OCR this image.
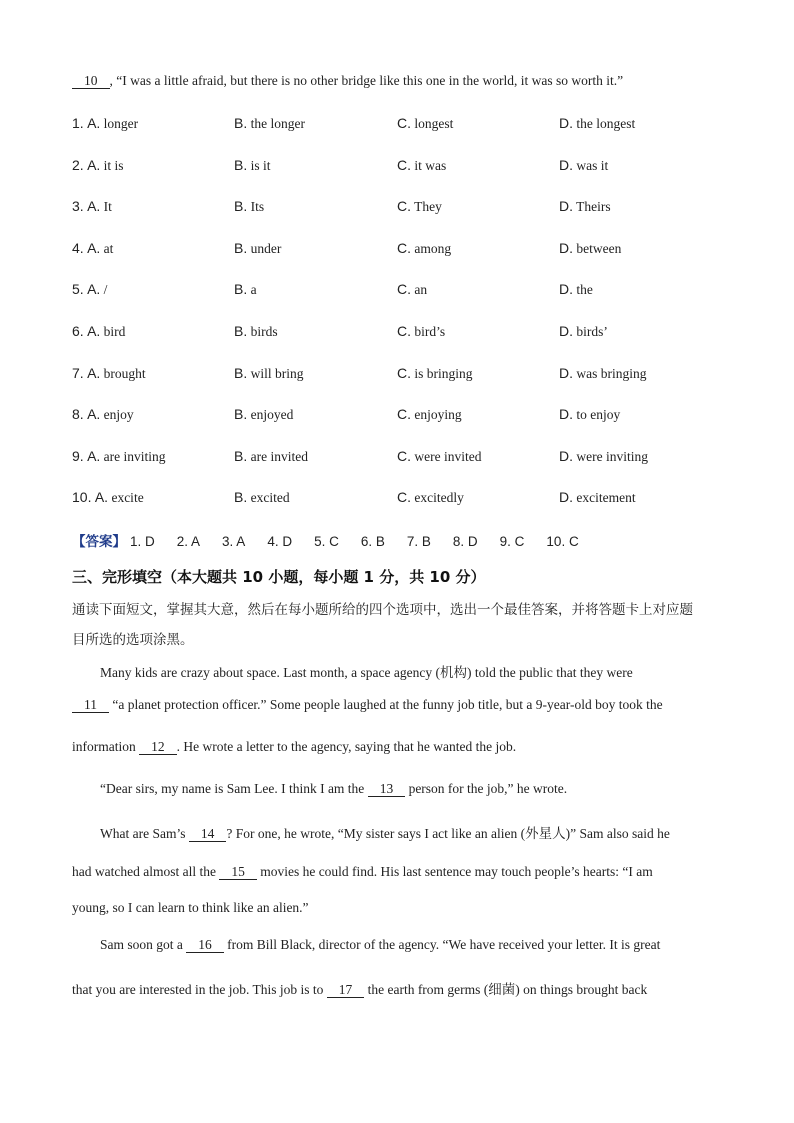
10 , “I was a little afraid, but there is no other bridge like this one in the world, it was so worth it.”
1. A. longer	B. the longer	C. longest	D. the longest
2. A. it is	B. is it	C. it was	D. was it
3. A. It	B. Its	C. They	D. Theirs
4. A. at	B. under	C. among	D. between
5. A. /	B. a	C. an	D. the
6. A. bird	B. birds	C. bird’s	D. birds’
7. A. brought	B. will bring	C. is bringing	D. was bringing
8. A. enjoy	B. enjoyed	C. enjoying	D. to enjoy
9. A. are inviting	B. are invited	C. were invited	D. were inviting
10. A. excite	B. excited	C. excitedly	D. excitement
【答案】 1. D 2. A 3. A 4. D 5. C 6. B 7. B 8. D 9. C 10. C
三、完形填空（本大题共 10 小题，每小题 1 分，共 10 分）
通读下面短文，掌握其大意，然后在每小题所给的四个选项中，选出一个最佳答案，并将答题卡上对应题
目所选的选项涂黑。
Many kids are crazy about space. Last month, a space agency (机构) told the public that they were
11 “a planet protection officer.” Some people laughed at the funny job title, but a 9-year-old boy took the
information 12 . He wrote a letter to the agency, saying that he wanted the job.
“Dear sirs, my name is Sam Lee. I think I am the 13 person for the job,” he wrote.
What are Sam’s 14 ? For one, he wrote, “My sister says I act like an alien (外星人)” Sam also said he
had watched almost all the 15 movies he could find. His last sentence may touch people’s hearts: “I am
young, so I can learn to think like an alien.”
Sam soon got a 16 from Bill Black, director of the agency. “We have received your letter. It is great
that you are interested in the job. This job is to 17 the earth from germs (细菌) on things brought back
